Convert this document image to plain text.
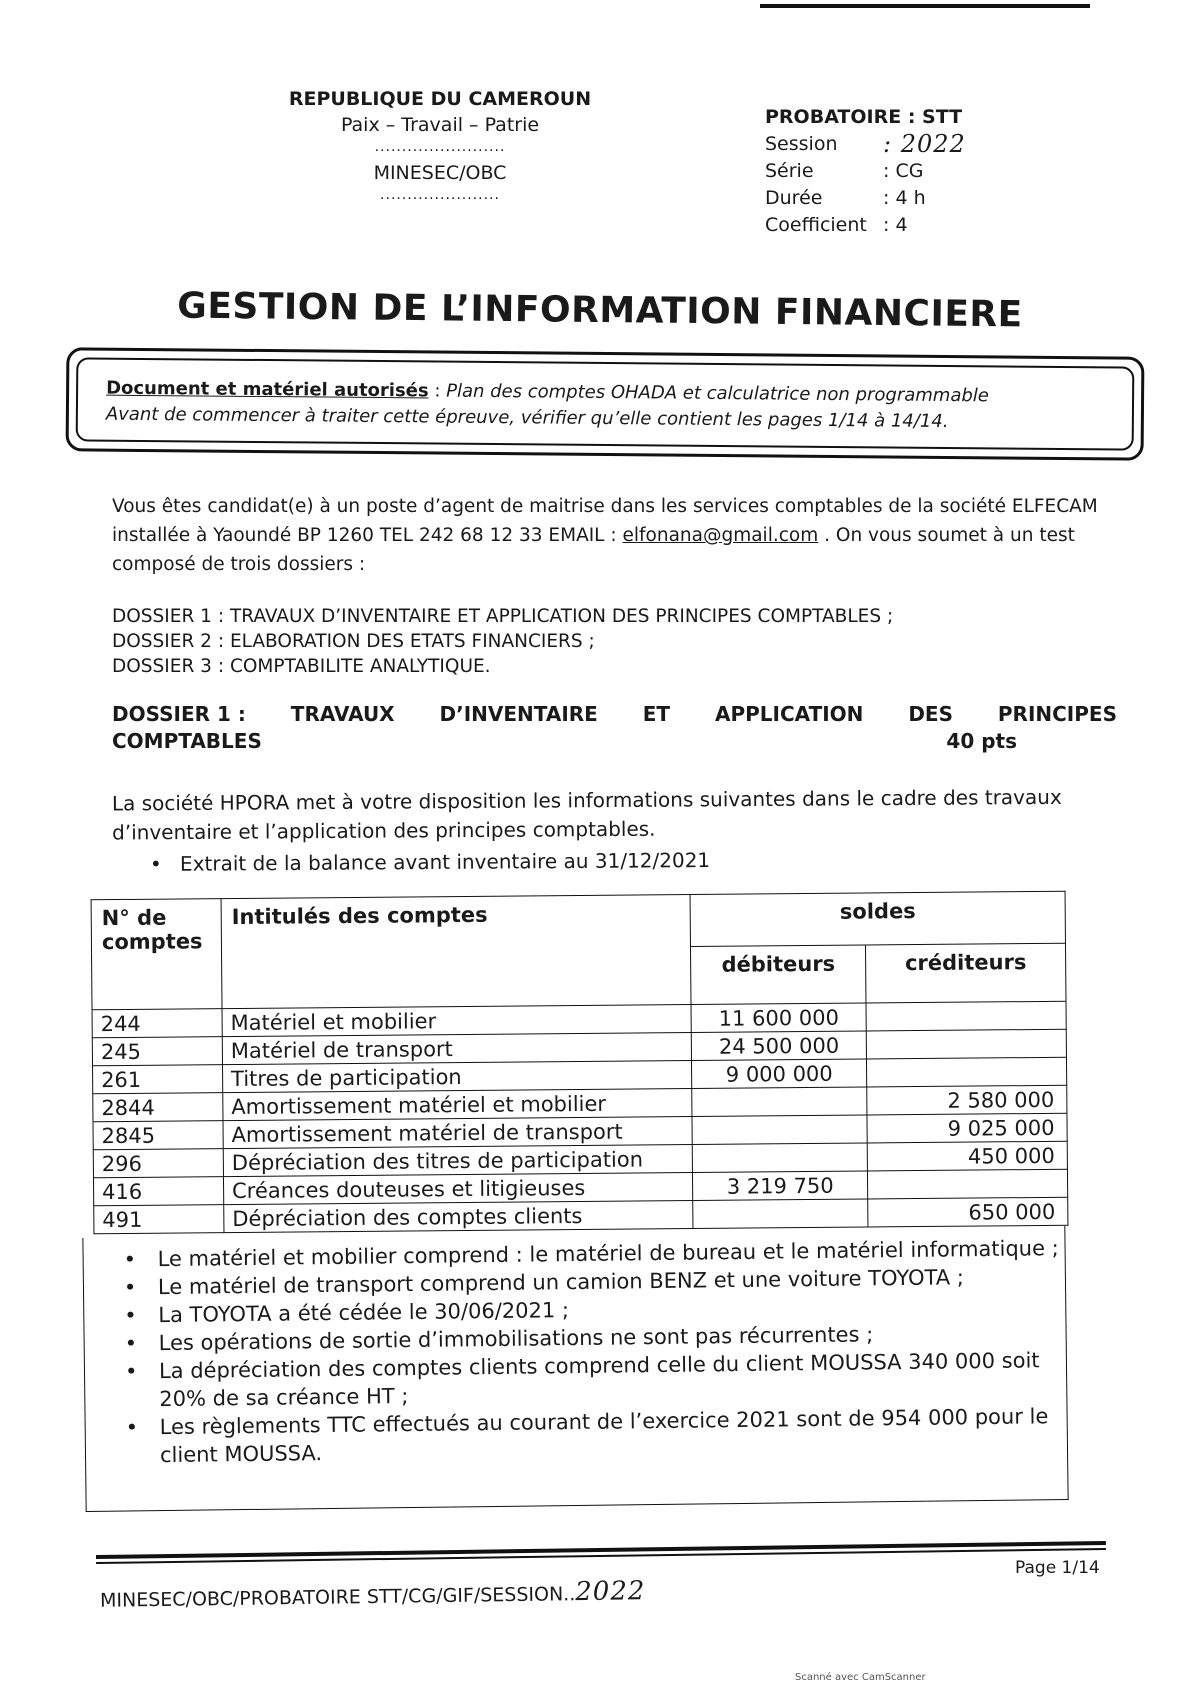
REPUBLIQUE DU CAMEROUN
Paix – Travail – Patrie
........................
MINESEC/OBC
......................
PROBATOIRE : STT
Session	: 2022
Série	: CG
Durée	: 4 h
Coefficient : 4
GESTION DE L’INFORMATION FINANCIERE
Document et matériel autorisés : Plan des comptes OHADA et calculatrice non programmable
Avant de commencer à traiter cette épreuve, vérifier qu’elle contient les pages 1/14 à 14/14.
Vous êtes candidat(e) à un poste d’agent de maitrise dans les services comptables de la société ELFECAM installée à Yaoundé BP 1260 TEL 242 68 12 33 EMAIL : elfonana@gmail.com . On vous soumet à un test composé de trois dossiers :
DOSSIER 1 : TRAVAUX D’INVENTAIRE ET APPLICATION DES PRINCIPES COMPTABLES ;
DOSSIER 2 : ELABORATION DES ETATS FINANCIERS ;
DOSSIER 3 : COMPTABILITE ANALYTIQUE.
DOSSIER 1 : TRAVAUX D’INVENTAIRE ET APPLICATION DES PRINCIPES
COMPTABLES	40 pts
La société HPORA met à votre disposition les informations suivantes dans le cadre des travaux d’inventaire et l’application des principes comptables.
• Extrait de la balance avant inventaire au 31/12/2021
N° de comptes	Intitulés des comptes	soldes	
		débiteurs	créditeurs
244	Matériel et mobilier	11 600 000	
245	Matériel de transport	24 500 000	
261	Titres de participation	9 000 000	
2844	Amortissement matériel et mobilier		2 580 000
2845	Amortissement matériel de transport		9 025 000
296	Dépréciation des titres de participation		450 000
416	Créances douteuses et litigieuses	3 219 750	
491	Dépréciation des comptes clients		650 000
•	Le matériel et mobilier comprend : le matériel de bureau et le matériel informatique ;
•	Le matériel de transport comprend un camion BENZ et une voiture TOYOTA ;
•	La TOYOTA a été cédée le 30/06/2021 ;
•	Les opérations de sortie d’immobilisations ne sont pas récurrentes ;
•	La dépréciation des comptes clients comprend celle du client MOUSSA 340 000 soit 20% de sa créance HT ;
•	Les règlements TTC effectués au courant de l’exercice 2021 sont de 954 000 pour le client MOUSSA.
MINESEC/OBC/PROBATOIRE STT/CG/GIF/SESSION..2022
Page 1/14
Scanné avec CamScanner
